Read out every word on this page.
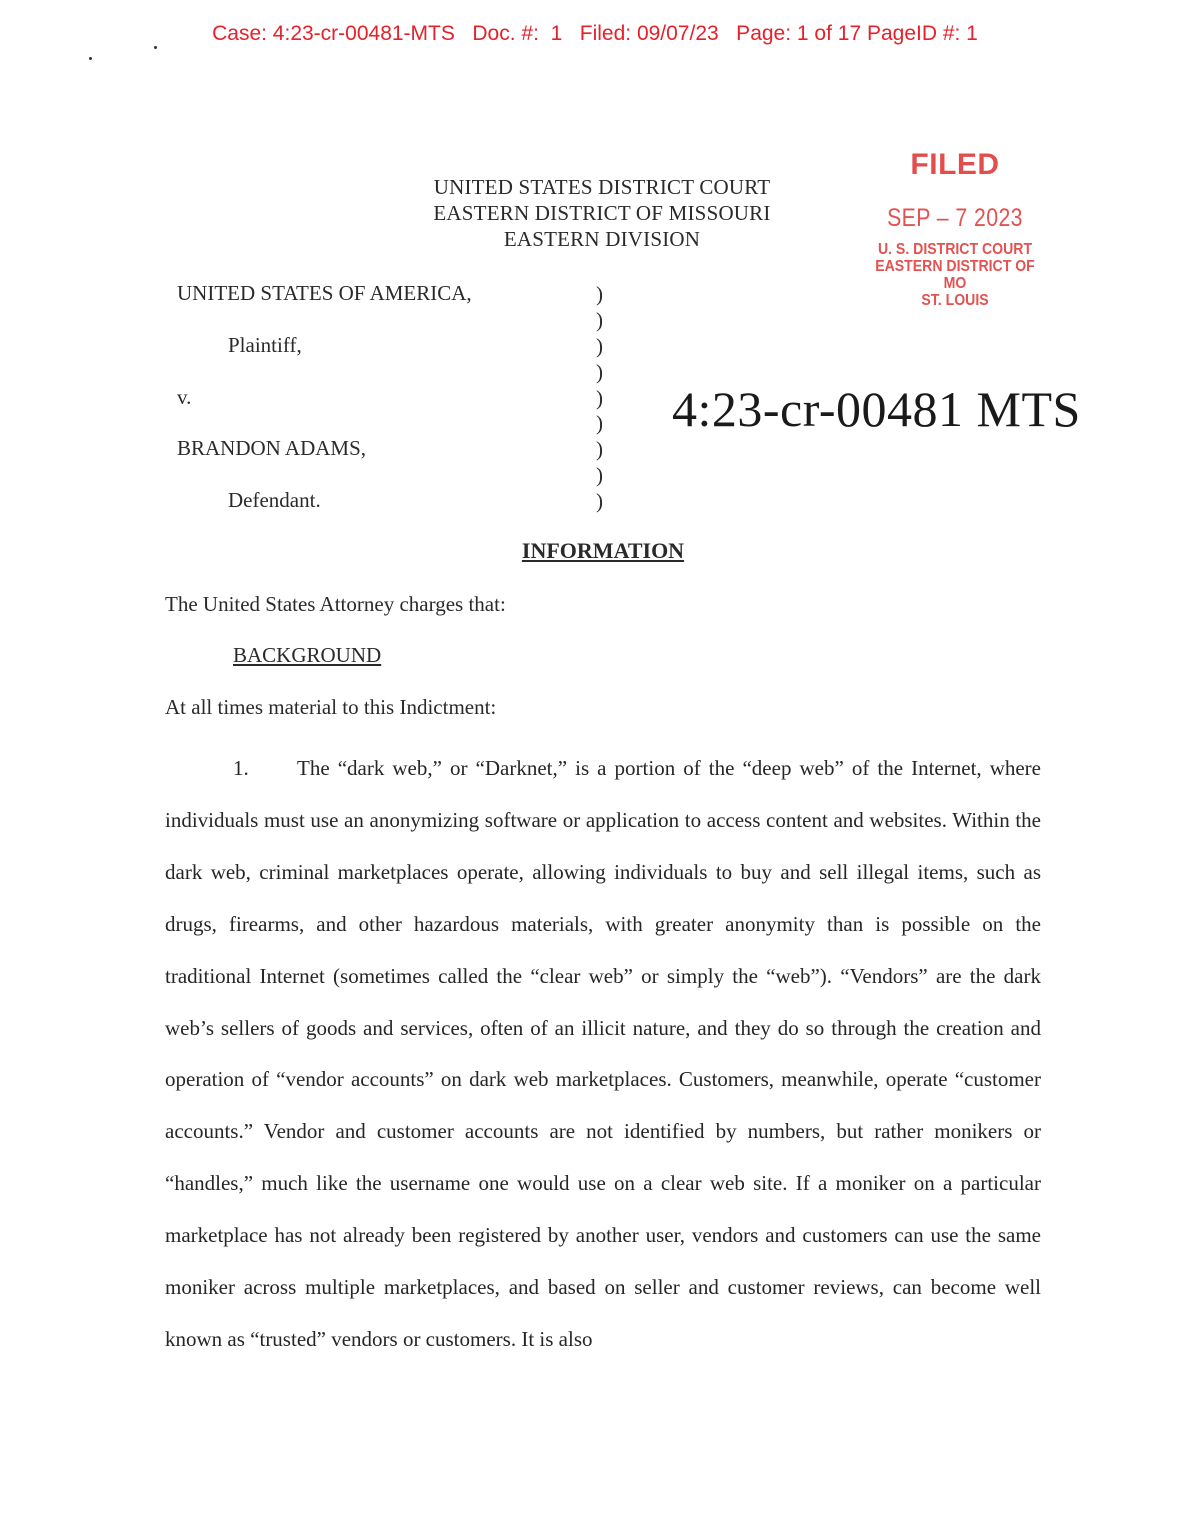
Case: 4:23-cr-00481-MTS   Doc. #:  1   Filed: 09/07/23   Page: 1 of 17 PageID #: 1
UNITED STATES DISTRICT COURT
EASTERN DISTRICT OF MISSOURI
EASTERN DIVISION
FILED
SEP – 7 2023
U. S. DISTRICT COURT
EASTERN DISTRICT OF MO
ST. LOUIS
UNITED STATES OF AMERICA,
Plaintiff,
v.
BRANDON ADAMS,
Defendant.
)
)
)
)
)
)
)
)
)
4:23-cr-00481 MTS
INFORMATION
The United States Attorney charges that:
BACKGROUND
At all times material to this Indictment:
1. The “dark web,” or “Darknet,” is a portion of the “deep web” of the Internet, where individuals must use an anonymizing software or application to access content and websites. Within the dark web, criminal marketplaces operate, allowing individuals to buy and sell illegal items, such as drugs, firearms, and other hazardous materials, with greater anonymity than is possible on the traditional Internet (sometimes called the “clear web” or simply the “web”). “Vendors” are the dark web’s sellers of goods and services, often of an illicit nature, and they do so through the creation and operation of “vendor accounts” on dark web marketplaces. Customers, meanwhile, operate “customer accounts.” Vendor and customer accounts are not identified by numbers, but rather monikers or “handles,” much like the username one would use on a clear web site. If a moniker on a particular marketplace has not already been registered by another user, vendors and customers can use the same moniker across multiple marketplaces, and based on seller and customer reviews, can become well known as “trusted” vendors or customers. It is also
